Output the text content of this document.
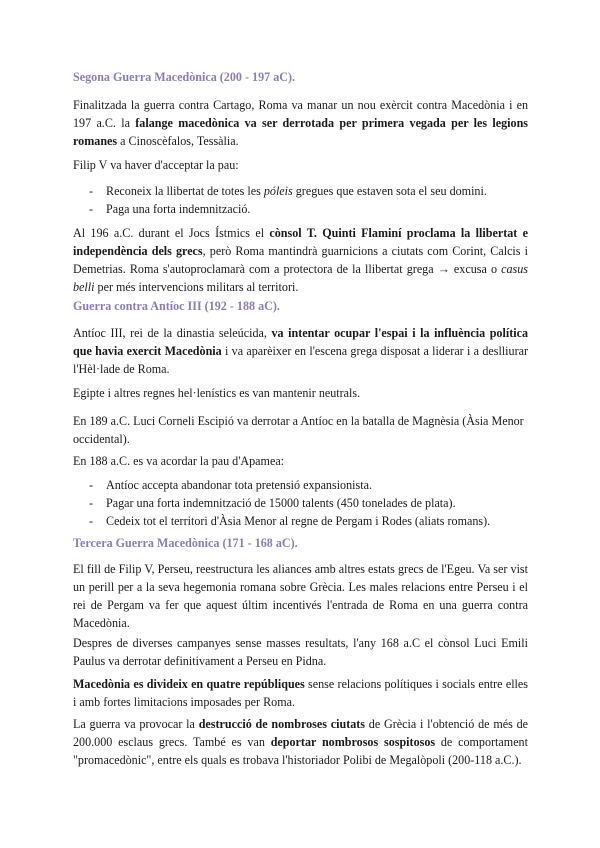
Segona Guerra Macedònica (200 - 197 aC).
Finalitzada la guerra contra Cartago, Roma va manar un nou exèrcit contra Macedònia i en 197 a.C. la falange macedònica va ser derrotada per primera vegada per les legions romanes a Cinoscèfalos, Tessàlia.
Filip V va haver d'acceptar la pau:
- Reconeix la llibertat de totes les póleis gregues que estaven sota el seu domini.
- Paga una forta indemnització.
Al 196 a.C. durant el Jocs Ístmics el cònsol T. Quinti Flaminí proclama la llibertat e independència dels grecs, però Roma mantindrà guarnicions a ciutats com Corint, Calcis i Demetrias. Roma s'autoproclamarà com a protectora de la llibertat grega → excusa o casus belli per més intervencions militars al territori.
Guerra contra Antíoc III (192 - 188 aC).
Antíoc III, rei de la dinastia seleúcida, va intentar ocupar l'espai i la influència política que havia exercit Macedònia i va aparèixer en l'escena grega disposat a liderar i a deslliurar l'Hèl·lade de Roma.
Egipte i altres regnes hel·lenístics es van mantenir neutrals.
En 189 a.C. Luci Corneli Escipió va derrotar a Antíoc en la batalla de Magnèsia (Àsia Menor occidental).
En 188 a.C. es va acordar la pau d'Apamea:
- Antíoc accepta abandonar tota pretensió expansionista.
- Pagar una forta indemnització de 15000 talents (450 tonelades de plata).
- Cedeix tot el territori d'Àsia Menor al regne de Pergam i Rodes (aliats romans).
Tercera Guerra Macedònica (171 - 168 aC).
El fill de Filip V, Perseu, reestructura les aliances amb altres estats grecs de l'Egeu. Va ser vist un perill per a la seva hegemonia romana sobre Grècia. Les males relacions entre Perseu i el rei de Pergam va fer que aquest últim incentivés l'entrada de Roma en una guerra contra Macedònia.
Despres de diverses campanyes sense masses resultats, l'any 168 a.C el cònsol Luci Emili Paulus va derrotar definitivament a Perseu en Pidna.
Macedònia es divideix en quatre repúbliques sense relacions polítiques i socials entre elles i amb fortes limitacions imposades per Roma.
La guerra va provocar la destrucció de nombroses ciutats de Grècia i l'obtenció de més de 200.000 esclaus grecs. També es van deportar nombrosos sospitosos de comportament "promacedònic", entre els quals es trobava l'historiador Polibi de Megalòpoli (200-118 a.C.).
